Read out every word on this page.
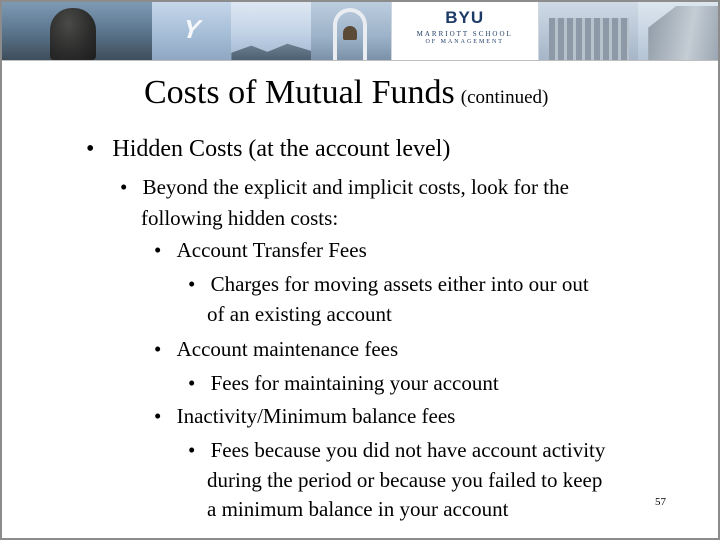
Y	BYU
MARRIOTT SCHOOL
OF MANAGEMENT
Costs of Mutual Funds (continued)
• Hidden Costs (at the account level)
• Beyond the explicit and implicit costs, look for the
following hidden costs:
• Account Transfer Fees
• Charges for moving assets either into our out
of an existing account
• Account maintenance fees
• Fees for maintaining your account
• Inactivity/Minimum balance fees
• Fees because you did not have account activity
during the period or because you failed to keep
a minimum balance in your account	57
